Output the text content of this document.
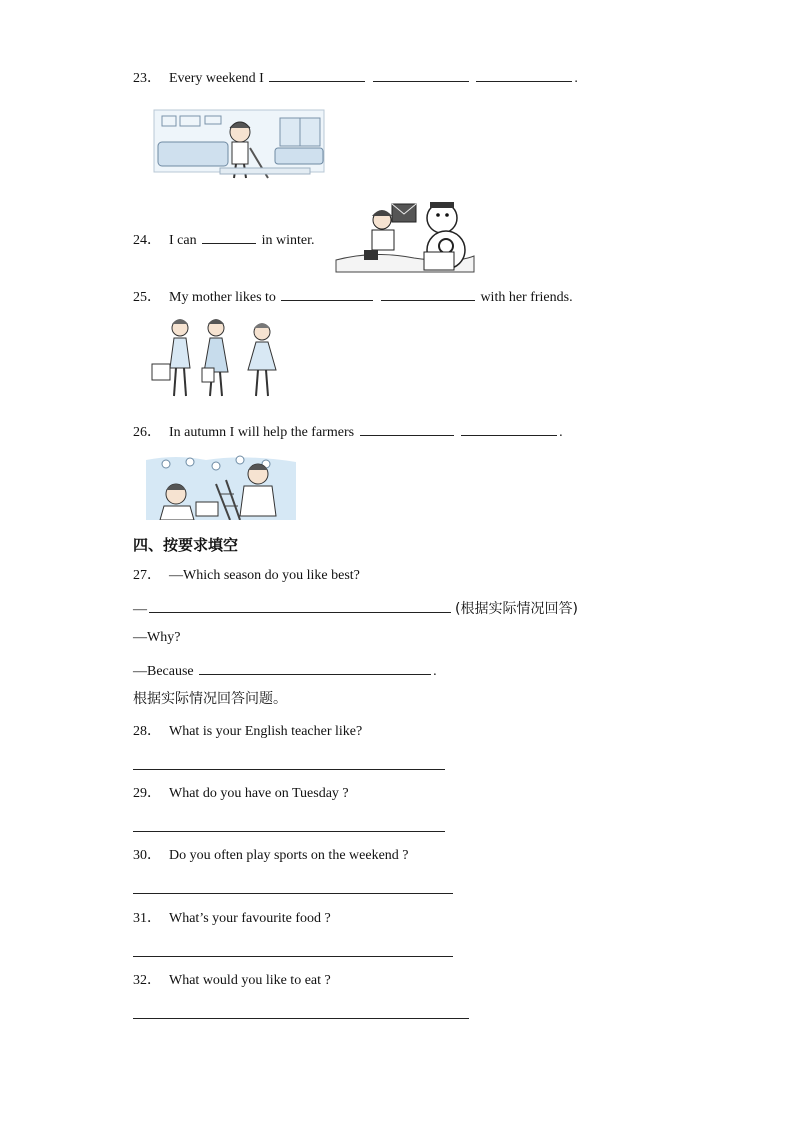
23． Every weekend I	.
24． I can	in winter.
25． My mother likes to	with her friends.
26． In autumn I will help the farmers	.
四、按要求填空
27． —Which season do you like best?
—	(根据实际情况回答)
—Why?
—Because	.
根据实际情况回答问题。
28． What is your English teacher like?
29． What do you have on Tuesday ?
30． Do you often play sports on the weekend ?
31． What’s your favourite food ?
32． What would you like to eat ?
